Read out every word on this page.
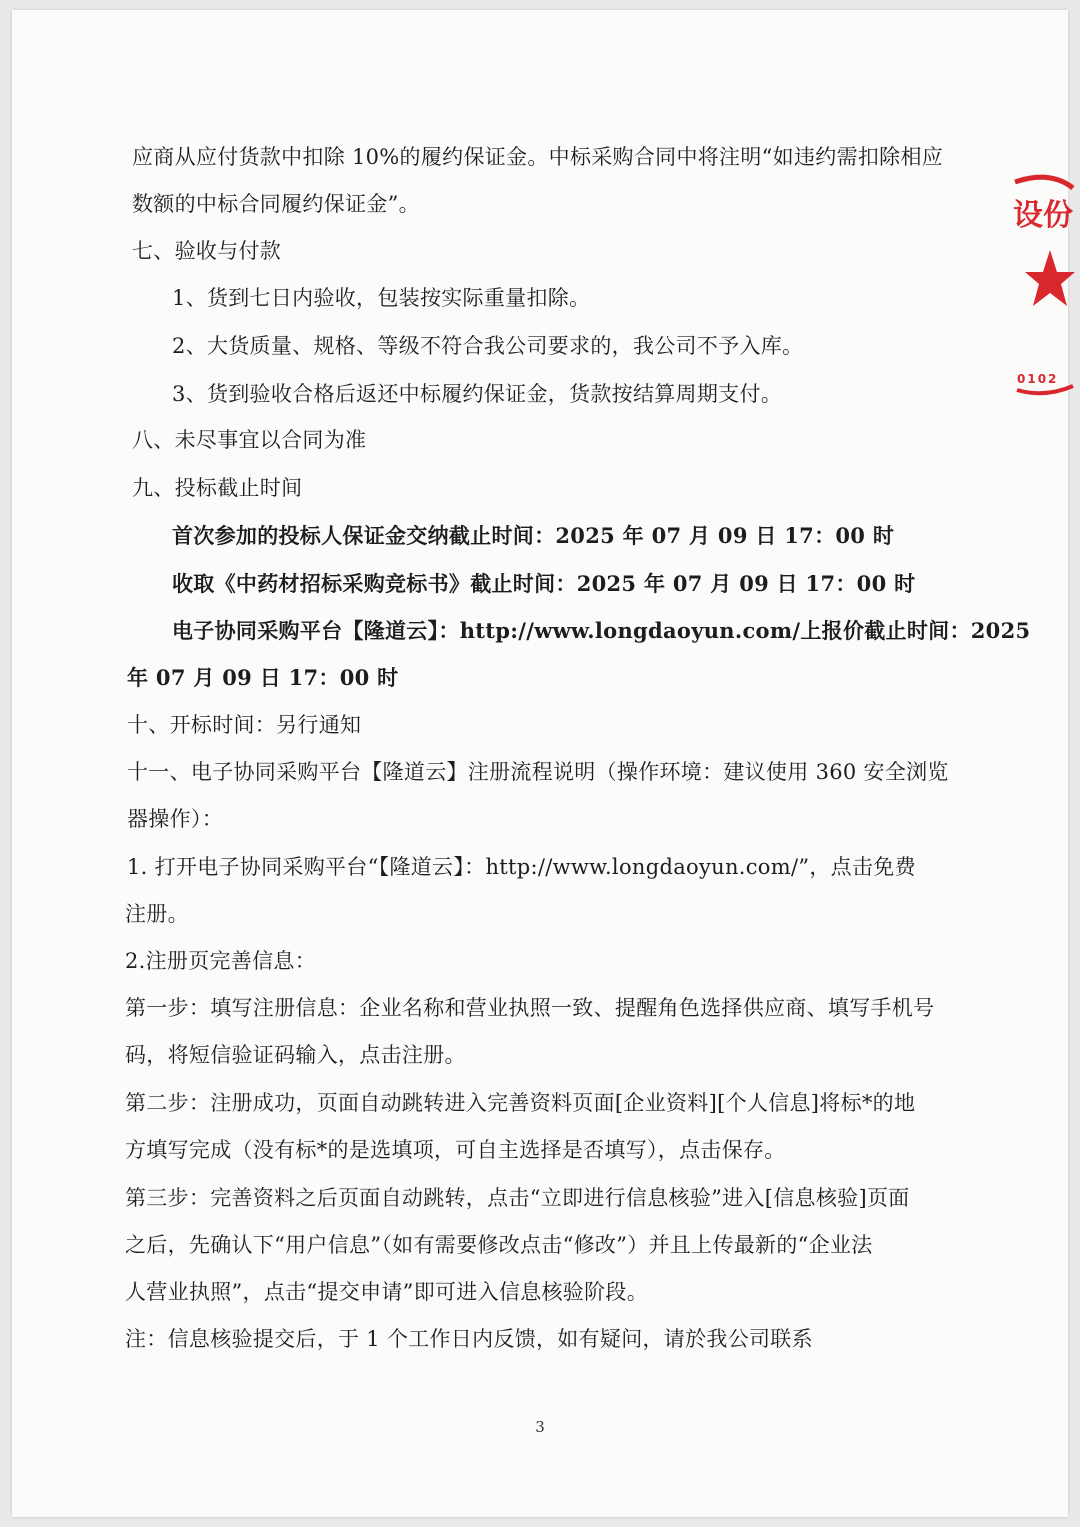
应商从应付货款中扣除 10%的履约保证金。中标采购合同中将注明“如违约需扣除相应
数额的中标合同履约保证金”。
七、验收与付款
1、货到七日内验收，包装按实际重量扣除。
2、大货质量、规格、等级不符合我公司要求的，我公司不予入库。
3、货到验收合格后返还中标履约保证金，货款按结算周期支付。
八、未尽事宜以合同为准
九、投标截止时间
首次参加的投标人保证金交纳截止时间：2025 年 07 月 09 日 17：00 时
收取《中药材招标采购竞标书》截止时间：2025 年 07 月 09 日 17：00 时
电子协同采购平台【隆道云】：http://www.longdaoyun.com/上报价截止时间：2025
年 07 月 09 日 17：00 时
十、开标时间：另行通知
十一、电子协同采购平台【隆道云】注册流程说明（操作环境：建议使用 360 安全浏览
器操作）：
1. 打开电子协同采购平台“【隆道云】：http://www.longdaoyun.com/”，点击免费
注册。
2.注册页完善信息：
第一步：填写注册信息：企业名称和营业执照一致、提醒角色选择供应商、填写手机号
码，将短信验证码输入，点击注册。
第二步：注册成功，页面自动跳转进入完善资料页面[企业资料][个人信息]将标*的地
方填写完成（没有标*的是选填项，可自主选择是否填写），点击保存。
第三步：完善资料之后页面自动跳转，点击“立即进行信息核验”进入[信息核验]页面
之后，先确认下“用户信息”（如有需要修改点击“修改”）并且上传最新的“企业法
人营业执照”，点击“提交申请”即可进入信息核验阶段。
注：信息核验提交后，于 1 个工作日内反馈，如有疑问，请於我公司联系
3
设份
0102
